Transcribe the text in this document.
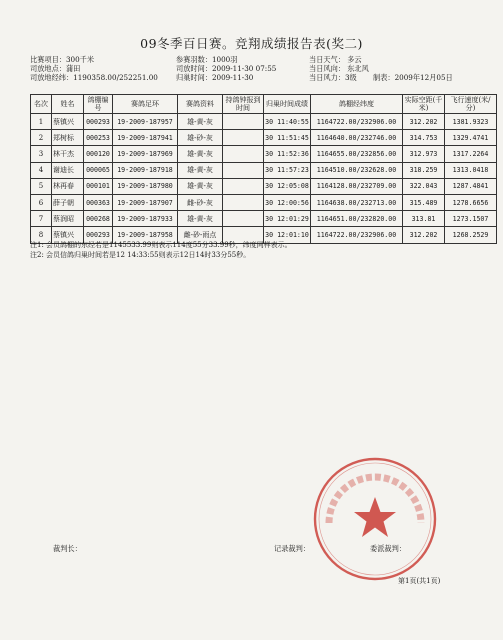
09冬季百日赛。竞翔成绩报告表(奖二)
比赛项目：300千米
司放地点：蒲田
司放地经纬：1190358.00/252251.00
参赛羽数：1000羽
司放时间：2009-11-30 07:55
归巢时间：2009-11-30
当日天气： 多云
当日风向： 东北风
当日风力：3级 制表：2009年12月05日
名次	姓名	鸽棚编号	赛鸽足环	赛鸽资料	持鸽钟报到时间	归巢时间成绩	鸽棚经纬度	实际空距(千米)	飞行速度(米/分)
1	蔡镇兴	000293	19-2009-187957	雄-黄-灰		30 11:40:55	1164722.00/232906.00	312.202	1381.9323
2	郑树标	000253	19-2009-187941	雄-砂-灰		30 11:51:45	1164640.00/232746.00	314.753	1329.4741
3	林干杰	000120	19-2009-187969	雄-黄-灰		30 11:52:36	1164655.00/232856.00	312.973	1317.2264
4	谢迪长	000065	19-2009-187918	雄-黄-灰		30 11:57:23	1164510.00/232628.00	318.259	1313.0418
5	林再春	000101	19-2009-187980	雄-黄-灰		30 12:05:08	1164128.00/232709.00	322.043	1287.4841
6	薛子朝	000363	19-2009-187907	雌-砂-灰		30 12:00:56	1164638.00/232713.00	315.489	1278.6656
7	蔡润昭	000268	19-2009-187933	雄-黄-灰		30 12:01:29	1164651.00/232820.00	313.81	1273.1507
8	蔡镇兴	000293	19-2009-187958	雌-砂-雨点		30 12:01:10	1164722.00/232906.00	312.202	1268.2529
注1: 会员鸽棚的东经若是1145533.99则表示114度55分33.99秒，纬度同样表示。
注2: 会员信鸽归巢时间若是12 14:33:55则表示12日14时33分55秒。
裁判长：	记录裁判：	委派裁判：
第1页(共1页)
